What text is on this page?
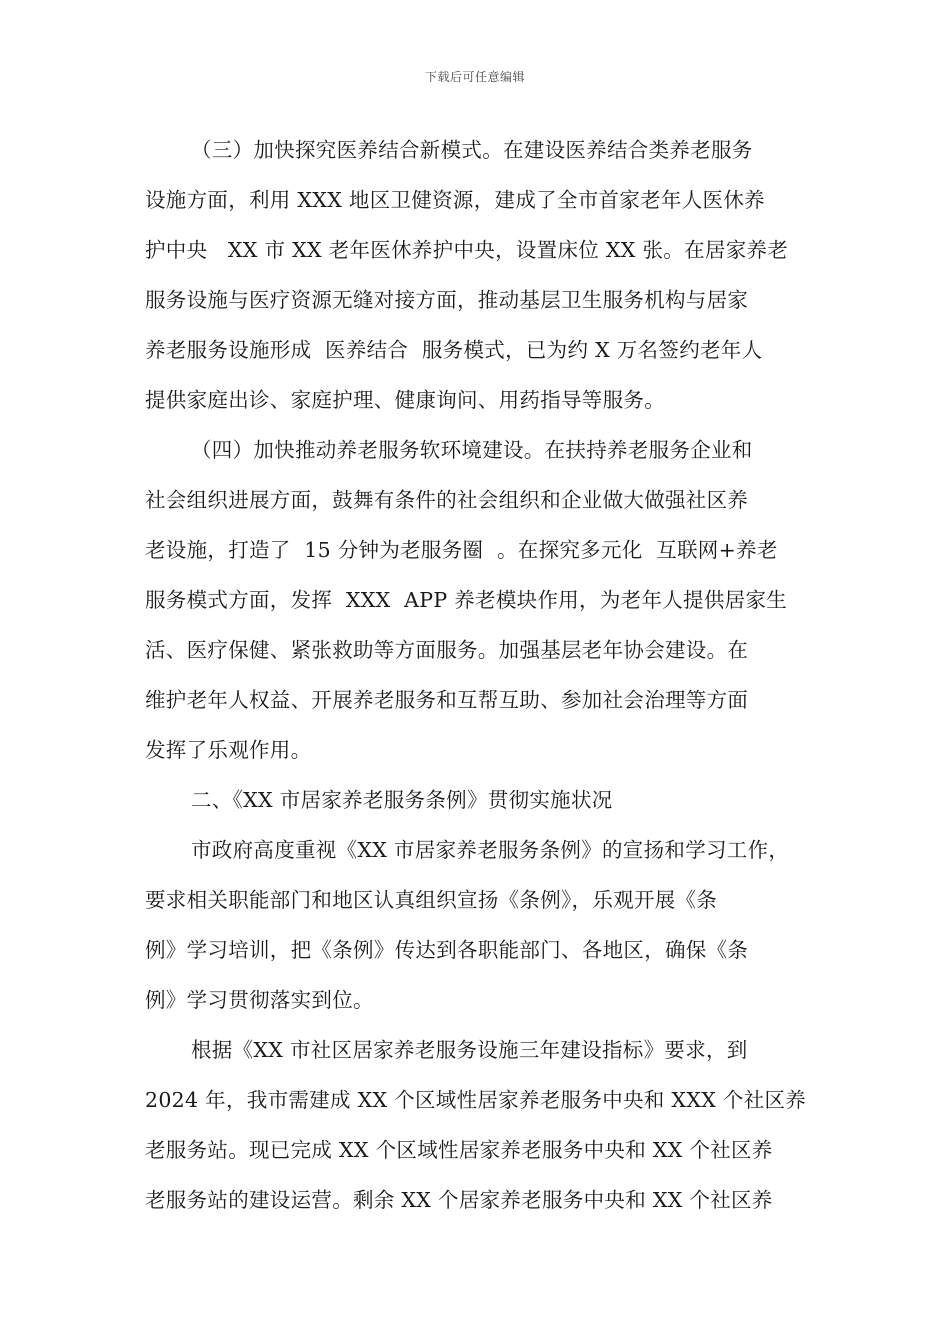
下载后可任意编辑
（三）加快探究医养结合新模式。在建设医养结合类养老服务
设施方面，利用 XXX 地区卫健资源，建成了全市首家老年人医休养
护中央   XX 市 XX 老年医休养护中央，设置床位 XX 张。在居家养老
服务设施与医疗资源无缝对接方面，推动基层卫生服务机构与居家
养老服务设施形成  医养结合  服务模式，已为约 X 万名签约老年人
提供家庭出诊、家庭护理、健康询问、用药指导等服务。
（四）加快推动养老服务软环境建设。在扶持养老服务企业和
社会组织进展方面，鼓舞有条件的社会组织和企业做大做强社区养
老设施，打造了  15 分钟为老服务圈  。在探究多元化  互联网+养老
服务模式方面，发挥  XXX  APP 养老模块作用，为老年人提供居家生
活、医疗保健、紧张救助等方面服务。加强基层老年协会建设。在
维护老年人权益、开展养老服务和互帮互助、参加社会治理等方面
发挥了乐观作用。
二、《XX 市居家养老服务条例》贯彻实施状况
市政府高度重视《XX 市居家养老服务条例》的宣扬和学习工作，
要求相关职能部门和地区认真组织宣扬《条例》，乐观开展《条
例》学习培训，把《条例》传达到各职能部门、各地区，确保《条
例》学习贯彻落实到位。
根据《XX 市社区居家养老服务设施三年建设指标》要求，到
2024 年，我市需建成 XX 个区域性居家养老服务中央和 XXX 个社区养
老服务站。现已完成 XX 个区域性居家养老服务中央和 XX 个社区养
老服务站的建设运营。剩余 XX 个居家养老服务中央和 XX 个社区养
